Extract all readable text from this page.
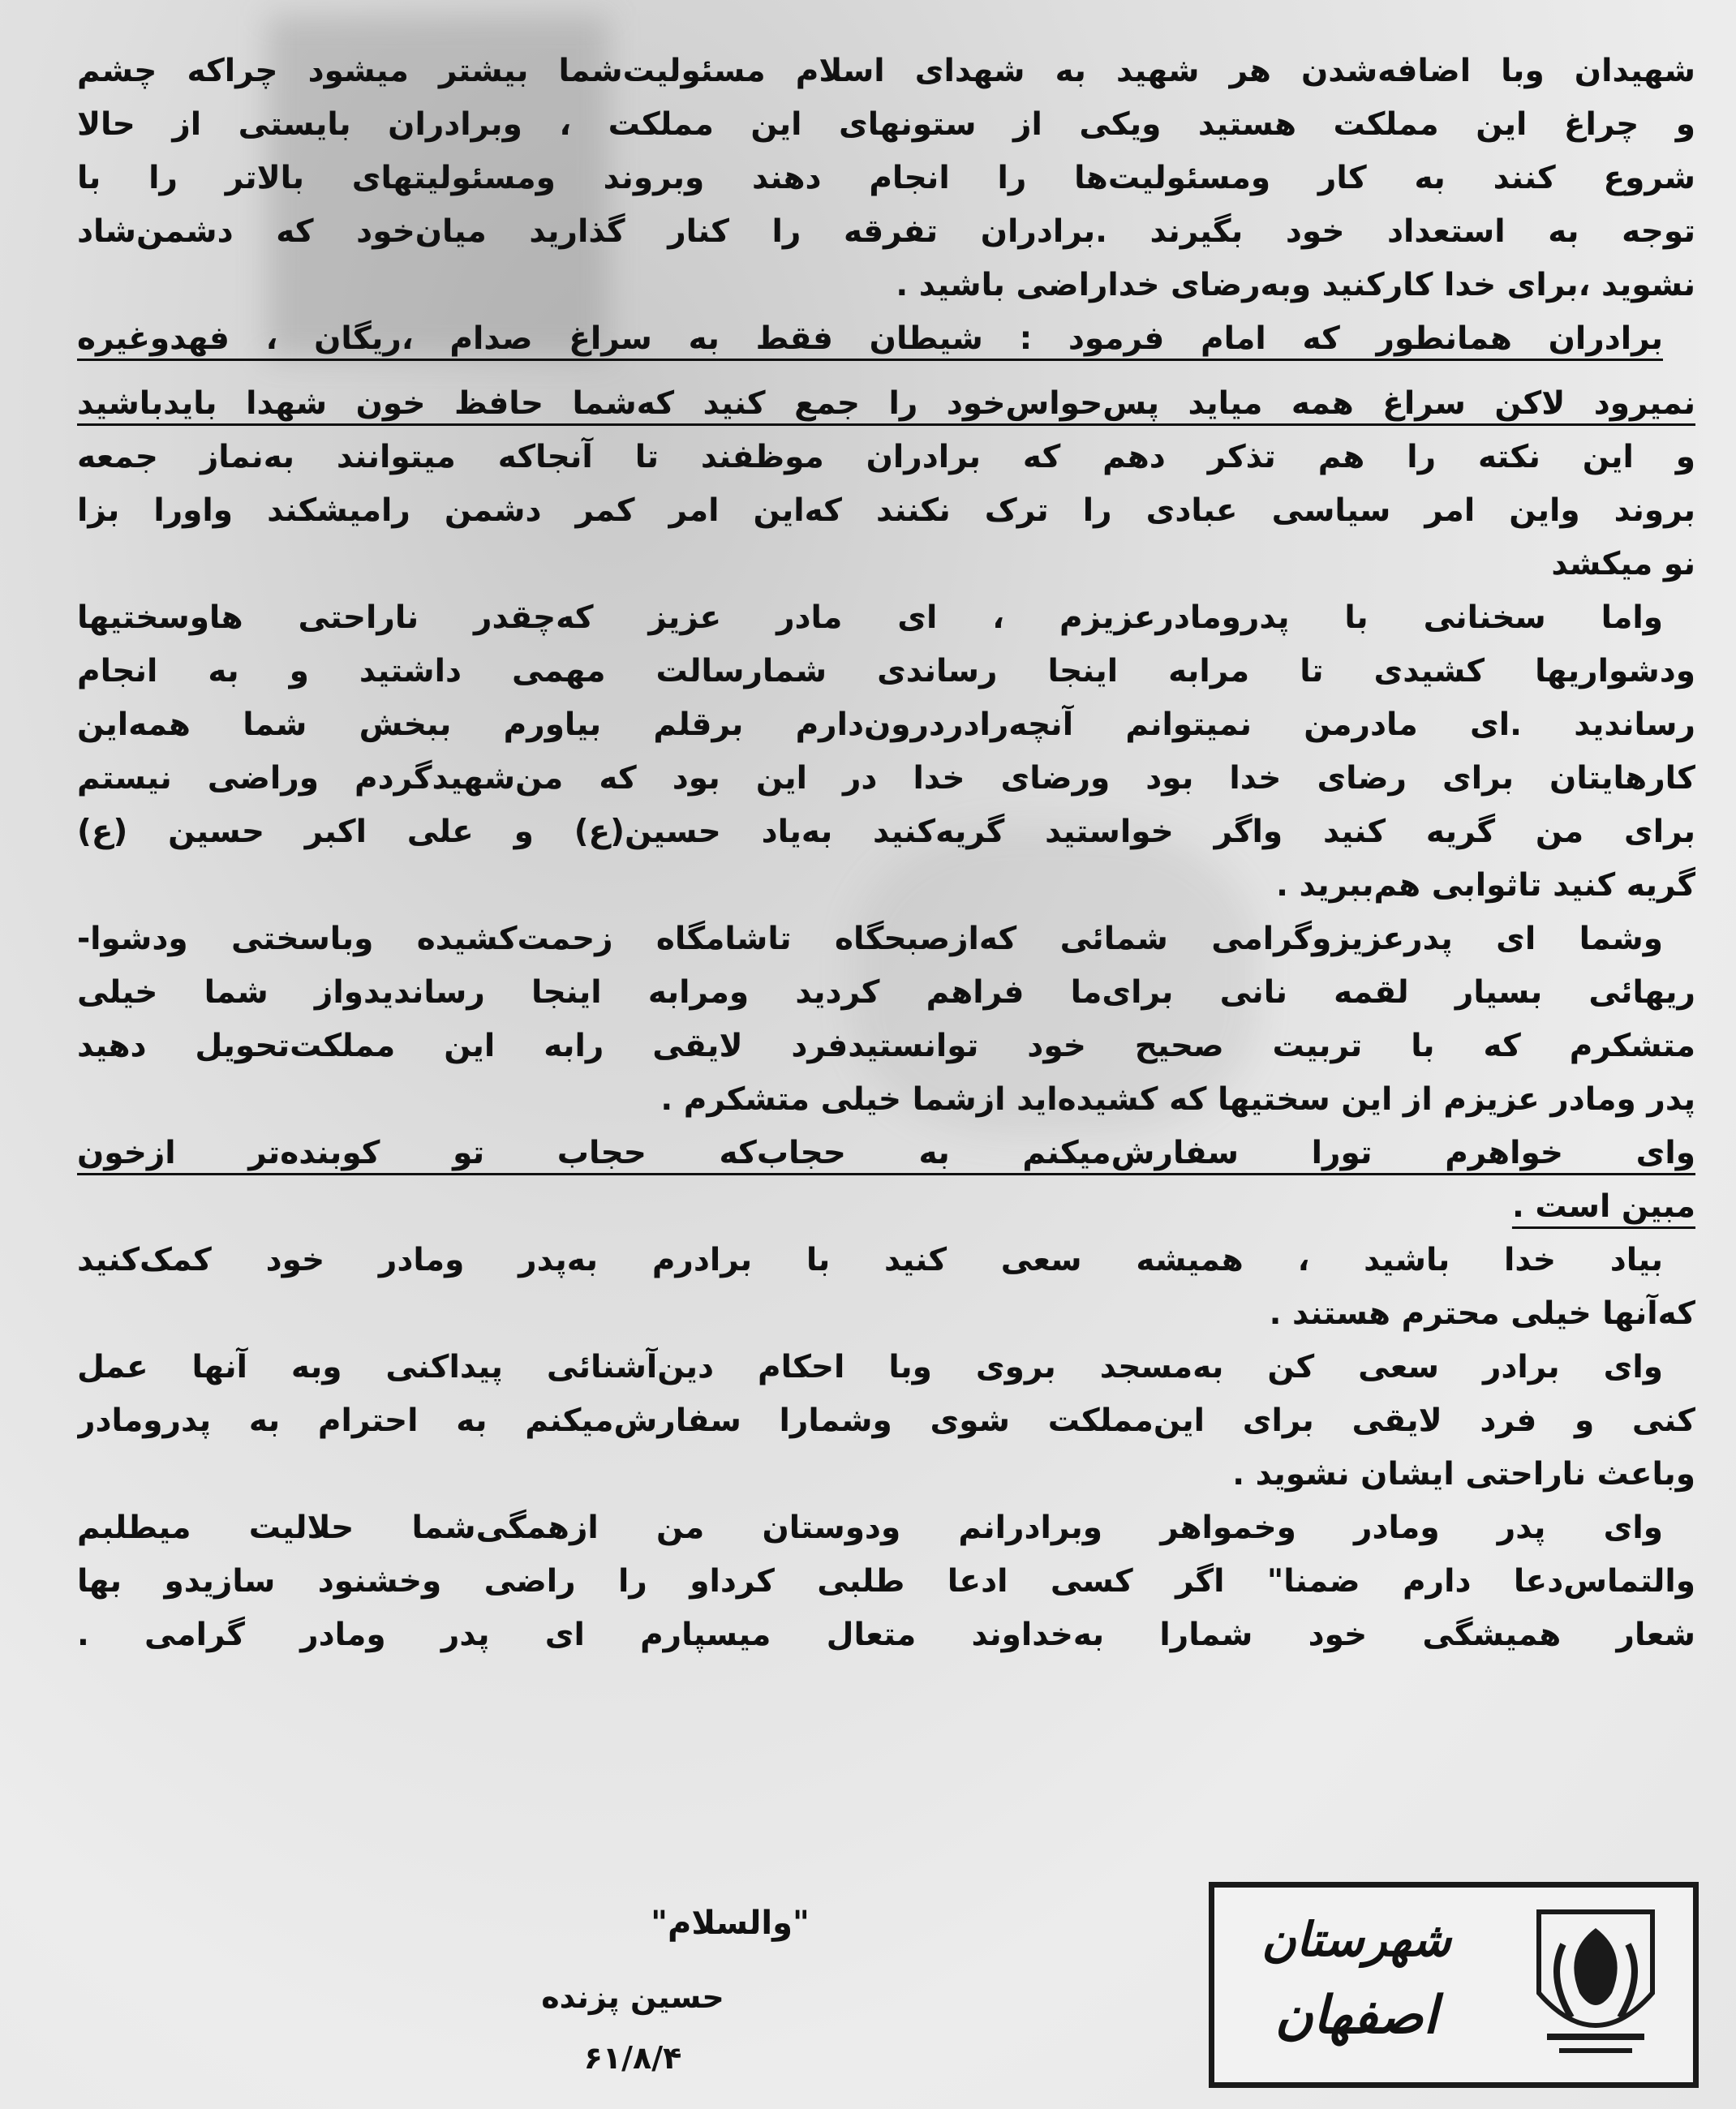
شهیدان وبا اضافه‌شدن هر شهید به شهدای اسلام مسئولیت‌شما بیشتر میشود چراکه چشم
و چراغ این مملکت هستید ویکی از ستونهای این مملکت ، وبرادران بایستی از حالا
شروع کنند به کار ومسئولیت‌ها را انجام دهند وبروند ومسئولیتهای بالاتر را با
توجه به استعداد خود بگیرند .برادران تفرقه را کنار گذارید میان‌خود که دشمن‌شاد
نشوید ،برای خدا کارکنید وبه‌رضای خداراضی باشید .
برادران همانطور که امام فرمود : شیطان فقط به سراغ صدام ،ریگان ، فهدوغیره
نمیرود لاکن سراغ همه میاید پس‌حواس‌خود را جمع کنید که‌شما حافظ خون شهدا بایدباشید
و این نکته را هم تذکر دهم که برادران موظفند تا آنجاکه میتوانند به‌نماز جمعه
بروند واین امر سیاسی عبادی را ترک نکنند که‌این امر کمر دشمن رامیشکند واورا بزا
نو میکشد
واما سخنانی با پدرومادرعزیزم ، ای مادر عزیز که‌چقدر ناراحتی هاوسختیها
ودشواریها کشیدی تا مرابه اینجا رساندی شمارسالت مهمی داشتید و به انجام
رساندید .ای مادرمن نمیتوانم آنچه‌رادردرون‌دارم برقلم بیاورم ببخش شما همه‌این
کارهایتان برای رضای خدا بود ورضای خدا در این بود که من‌شهیدگردم وراضی نیستم
برای من گریه کنید واگر خواستید گریه‌کنید به‌یاد حسین(ع) و علی اکبر حسین (ع)
گریه کنید تاثوابی هم‌ببرید .
وشما ای پدرعزیزوگرامی شمائی که‌ازصبحگاه تاشامگاه زحمت‌کشیده وباسختی ودشوا-
ریهائی بسیار لقمه نانی برای‌ما فراهم کردید ومرابه اینجا رساندیدواز شما خیلی
متشکرم که با تربیت صحیح خود توانستیدفرد لایقی رابه این مملکت‌تحویل دهید
پدر ومادر عزیزم از این سختیها که کشیده‌اید ازشما خیلی متشکرم .
وای خواهرم تورا سفارش‌میکنم به حجاب‌که حجاب تو کوبنده‌تر ازخون
مبین است .
بیاد خدا باشید ، همیشه سعی کنید با برادرم به‌پدر ومادر خود کمک‌کنید
که‌آنها خیلی محترم هستند .
وای برادر سعی کن به‌مسجد بروی وبا احکام دین‌آشنائی پیداکنی وبه آنها عمل
کنی و فرد لایقی برای این‌مملکت شوی وشمارا سفارش‌میکنم به احترام به پدرومادر
وباعث ناراحتی ایشان نشوید .
وای پدر ومادر وخمواهر وبرادرانم ودوستان من ازهمگی‌شما حلالیت میطلبم
والتماس‌دعا دارم ضمنا" اگر کسی ادعا طلبی کرداو را راضی وخشنود سازیدو بها
شعار همیشگی خود شمارا به‌خداوند متعال میسپارم ای پدر ومادر گرامی .
"والسلام"
حسین پزنده
۶۱/۸/۴
شهرستان
اصفهان
